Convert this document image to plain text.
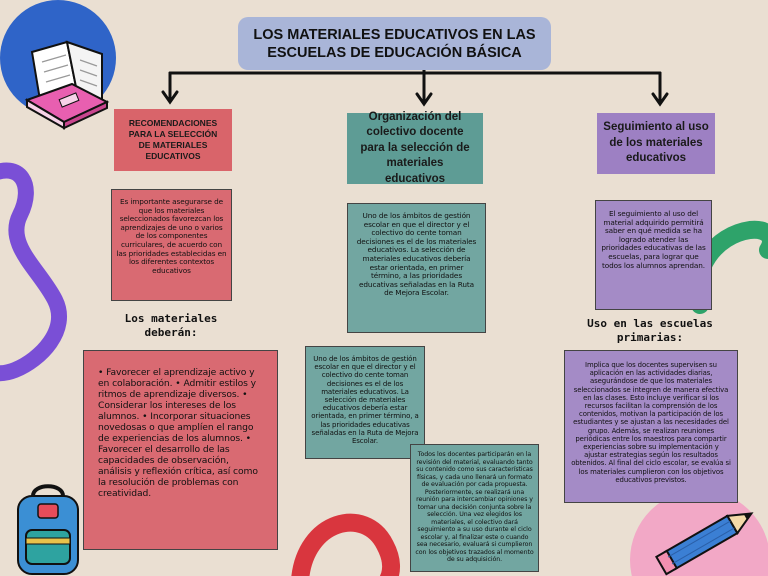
LOS MATERIALES EDUCATIVOS EN LAS ESCUELAS DE EDUCACIÓN BÁSICA
RECOMENDACIONES PARA LA SELECCIÓN DE MATERIALES EDUCATIVOS
Organización del colectivo docente para la selección de materiales educativos
Seguimiento al uso de los materiales educativos
Es importante asegurarse de que los materiales seleccionados favorezcan los aprendizajes de uno o varios de los componentes curriculares, de acuerdo con las prioridades establecidas en los diferentes contextos educativos
Uno de los ámbitos de gestión escolar en que el director y el colectivo do cente toman decisiones es el de los materiales educativos. La selección de materiales educativos debería estar orientada, en primer término, a las prioridades educativas señaladas en la Ruta de Mejora Escolar.
El seguimiento al uso del material adquirido permitirá saber en qué medida se ha logrado atender las prioridades educativas de las escuelas, para lograr que todos los alumnos aprendan.
Los materiales deberán:
Uso en las escuelas primarias:
• Favorecer el aprendizaje activo y en colaboración. • Admitir estilos y ritmos de aprendizaje diversos. • Considerar los intereses de los alumnos. • Incorporar situaciones novedosas o que amplíen el rango de experiencias de los alumnos. • Favorecer el desarrollo de las capacidades de observación, análisis y reflexión crítica, así como la resolución de problemas con creatividad.
Uno de los ámbitos de gestión escolar en que el director y el colectivo do cente toman decisiones es el de los materiales educativos. La selección de materiales educativos debería estar orientada, en primer término, a las prioridades educativas señaladas en la Ruta de Mejora Escolar.
Todos los docentes participarán en la revisión del material, evaluando tanto su contenido como sus características físicas, y cada uno llenará un formato de evaluación por cada propuesta. Posteriormente, se realizará una reunión para intercambiar opiniones y tomar una decisión conjunta sobre la selección. Una vez elegidos los materiales, el colectivo dará seguimiento a su uso durante el ciclo escolar y, al finalizar este o cuando sea necesario, evaluará si cumplieron con los objetivos trazados al momento de su adquisición.
Implica que los docentes supervisen su aplicación en las actividades diarias, asegurándose de que los materiales seleccionados se integren de manera efectiva en las clases. Esto incluye verificar si los recursos facilitan la comprensión de los contenidos, motivan la participación de los estudiantes y se ajustan a las necesidades del grupo. Además, se realizan reuniones periódicas entre los maestros para compartir experiencias sobre su implementación y ajustar estrategias según los resultados obtenidos. Al final del ciclo escolar, se evalúa si los materiales cumplieron con los objetivos educativos previstos.
